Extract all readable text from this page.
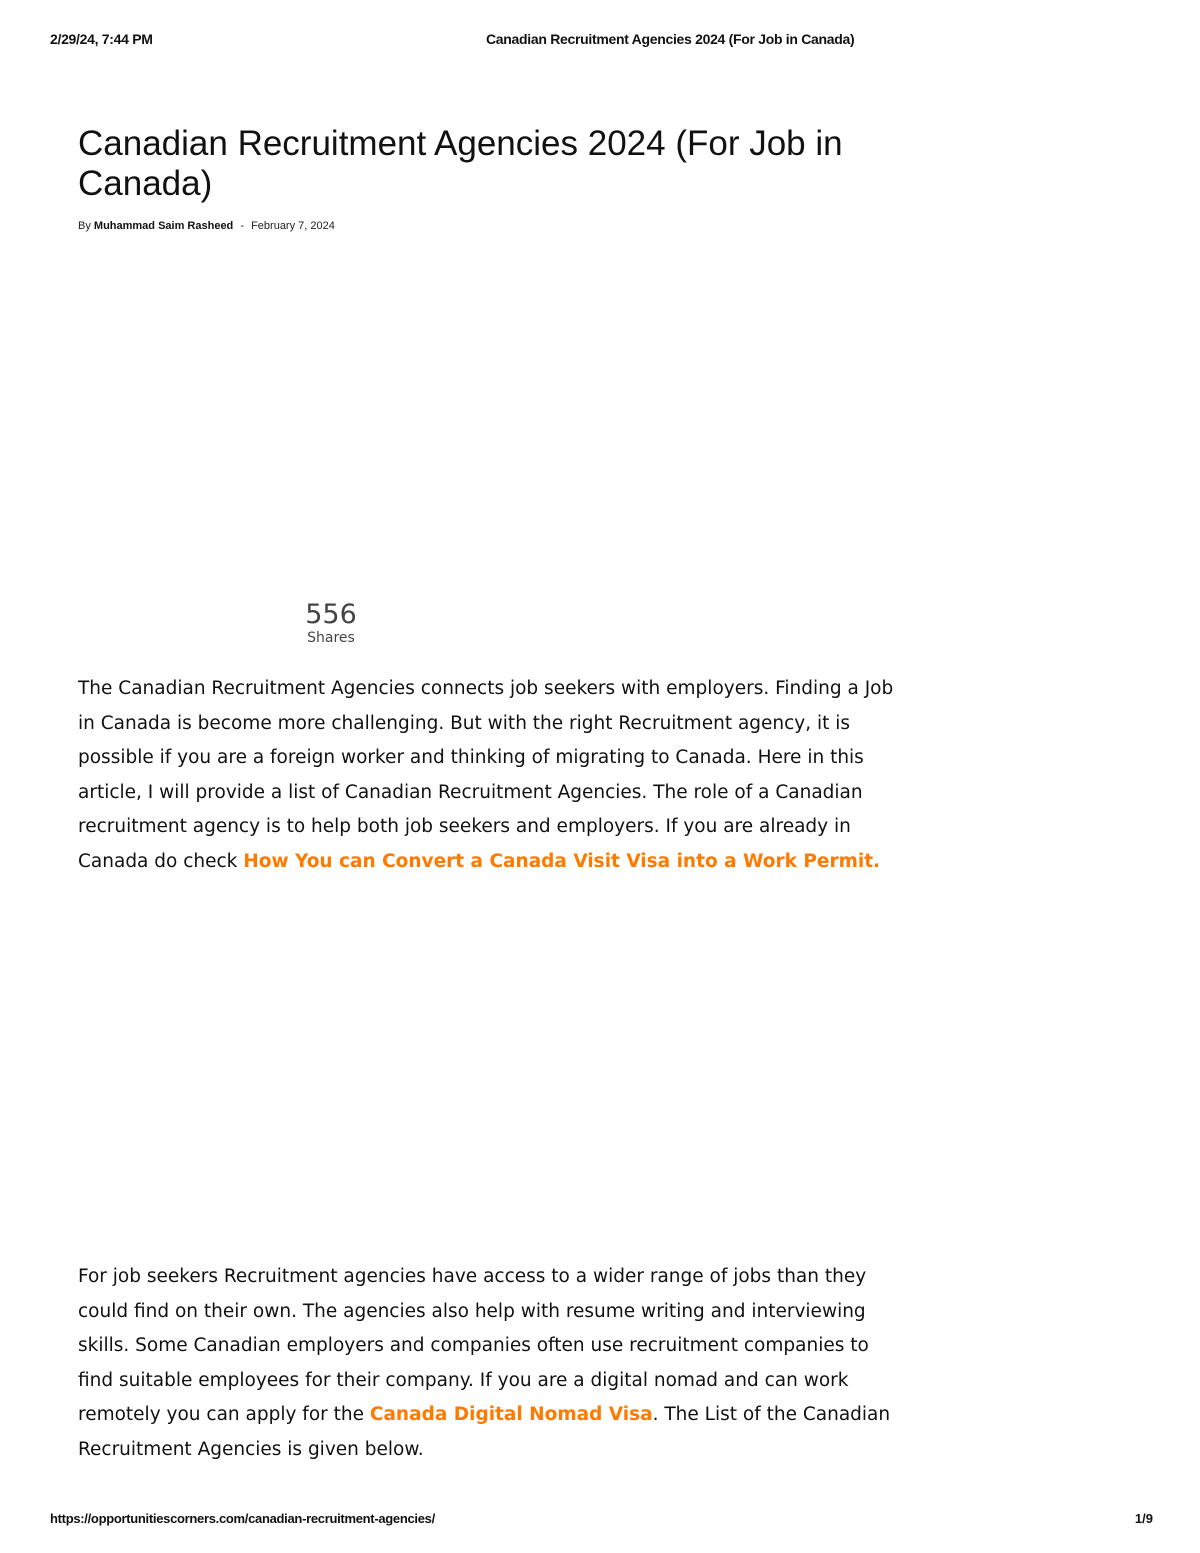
2/29/24, 7:44 PM	Canadian Recruitment Agencies 2024 (For Job in Canada)
Canadian Recruitment Agencies 2024 (For Job in Canada)
By Muhammad Saim Rasheed - February 7, 2024
556
Shares

The Canadian Recruitment Agencies connects job seekers with employers. Finding a Job in Canada is become more challenging. But with the right Recruitment agency, it is possible if you are a foreign worker and thinking of migrating to Canada. Here in this article, I will provide a list of Canadian Recruitment Agencies. The role of a Canadian recruitment agency is to help both job seekers and employers. If you are already in Canada do check How You can Convert a Canada Visit Visa into a Work Permit.

For job seekers Recruitment agencies have access to a wider range of jobs than they could find on their own. The agencies also help with resume writing and interviewing skills. Some Canadian employers and companies often use recruitment companies to find suitable employees for their company. If you are a digital nomad and can work remotely you can apply for the Canada Digital Nomad Visa. The List of the Canadian Recruitment Agencies is given below.

https://opportunitiescorners.com/canadian-recruitment-agencies/	1/9
